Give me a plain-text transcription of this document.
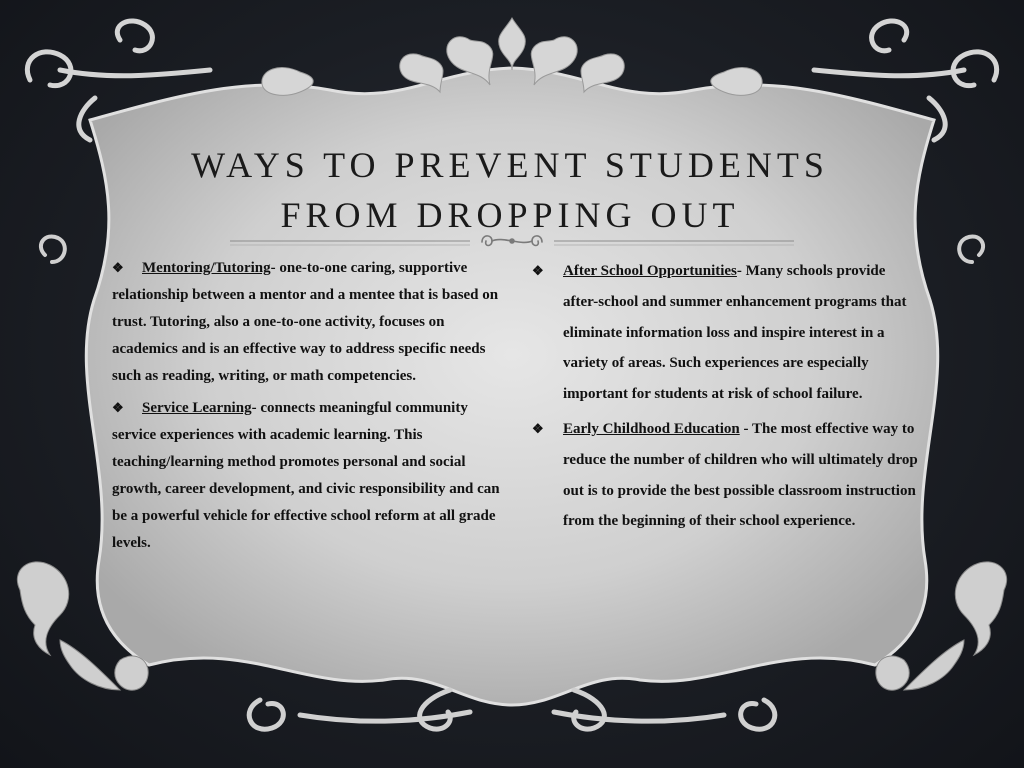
WAYS TO PREVENT STUDENTS
FROM DROPPING OUT

❖ Mentoring/Tutoring- one-to-one caring, supportive relationship between a mentor and a mentee that is based on trust. Tutoring, also a one-to-one activity, focuses on academics and is an effective way to address specific needs such as reading, writing, or math competencies.

❖ Service Learning- connects meaningful community service experiences with academic learning. This teaching/learning method promotes personal and social growth, career development, and civic responsibility and can be a powerful vehicle for effective school reform at all grade levels.

❖	After School Opportunities- Many schools provide after-school and summer enhancement programs that eliminate information loss and inspire interest in a variety of areas. Such experiences are especially important for students at risk of school failure.

❖	Early Childhood Education - The most effective way to reduce the number of children who will ultimately drop out is to provide the best possible classroom instruction from the beginning of their school experience.
